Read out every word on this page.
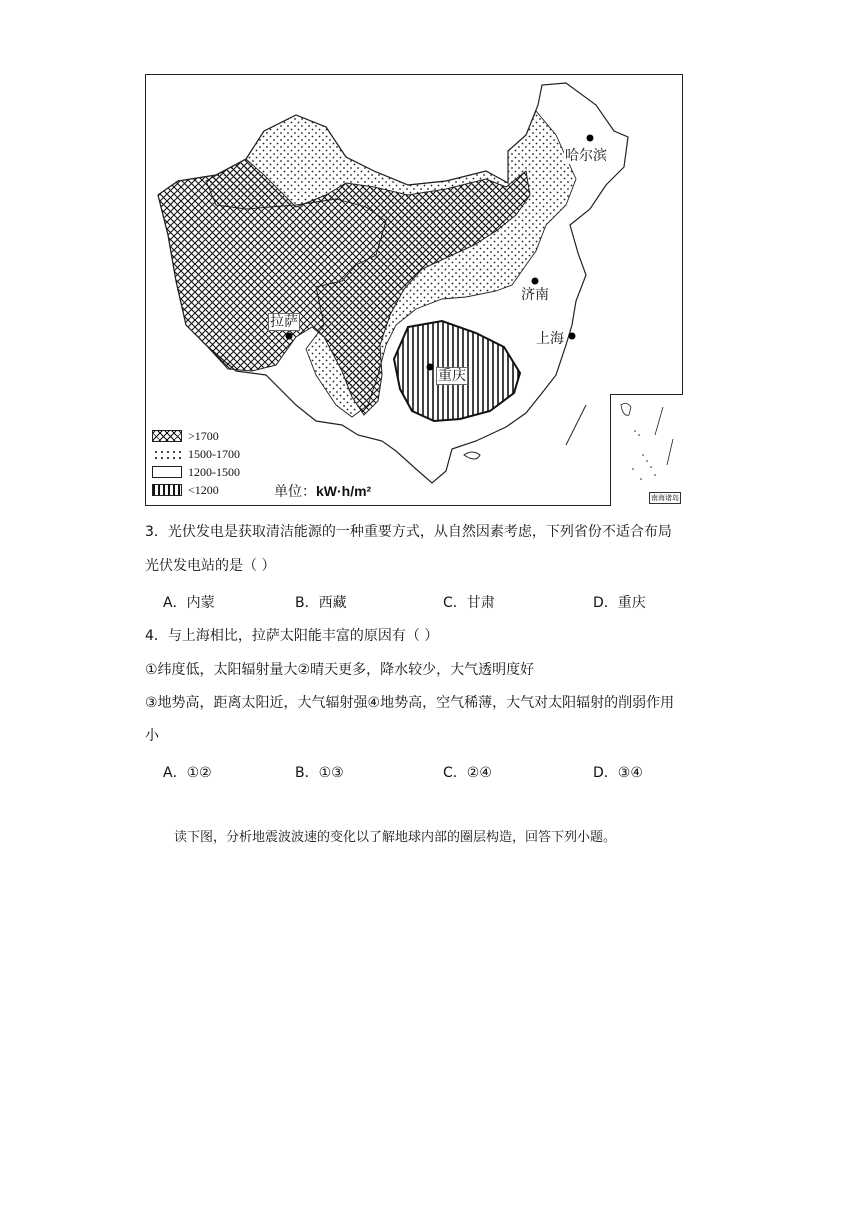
哈尔滨
济南
上海
拉萨
重庆
>1700
1500-1700
1200-1500
<1200	单位：kW·h/m²	南海诸岛
3．光伏发电是获取清洁能源的一种重要方式，从自然因素考虑，下列省份不适合布局
光伏发电站的是（ ）
A．内蒙	B．西藏	C．甘肃	D．重庆
4．与上海相比，拉萨太阳能丰富的原因有（ ）
①纬度低，太阳辐射量大②晴天更多，降水较少，大气透明度好
③地势高，距离太阳近，大气辐射强④地势高，空气稀薄，大气对太阳辐射的削弱作用
小
A．①②	B．①③	C．②④	D．③④
读下图，分析地震波波速的变化以了解地球内部的圈层构造，回答下列小题。
